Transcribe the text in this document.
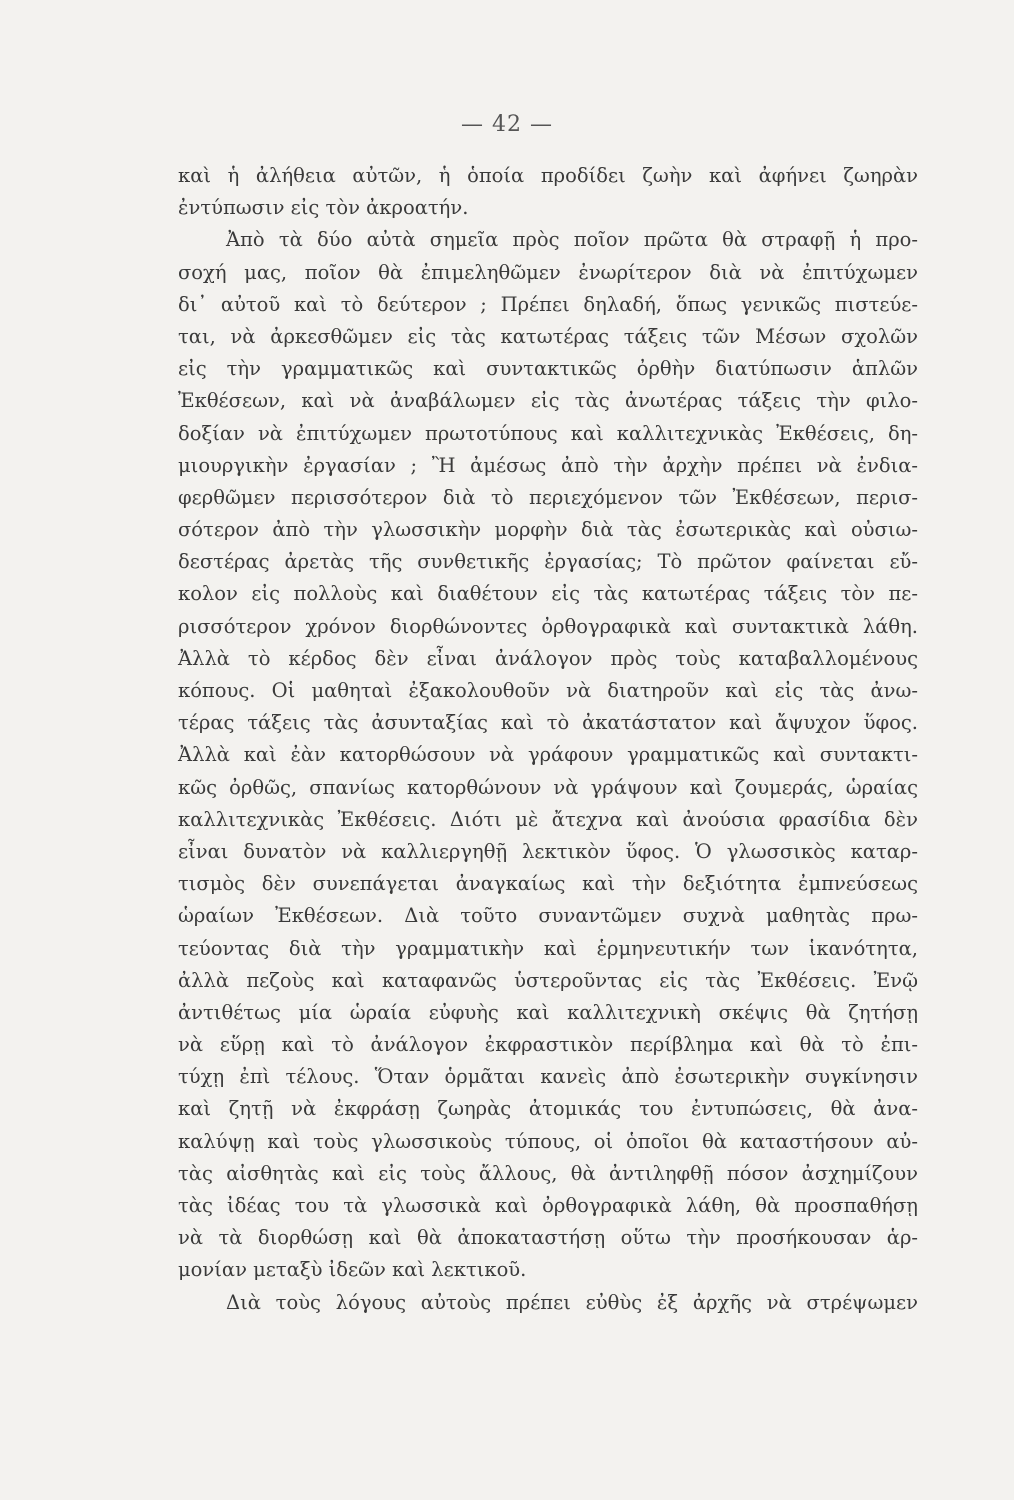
— 42 —
καὶ ἡ ἀλήθεια αὐτῶν, ἡ ὁποία προδίδει ζωὴν καὶ ἀφήνει ζωηρὰν
ἐντύπωσιν εἰς τὸν ἀκροατήν.
Ἀπὸ τὰ δύο αὐτὰ σημεῖα πρὸς ποῖον πρῶτα θὰ στραφῇ ἡ προ-
σοχή μας, ποῖον θὰ ἐπιμεληθῶμεν ἐνωρίτερον διὰ νὰ ἐπιτύχωμεν
δι᾽ αὐτοῦ καὶ τὸ δεύτερον ; Πρέπει δηλαδή, ὅπως γενικῶς πιστεύε-
ται, νὰ ἀρκεσθῶμεν εἰς τὰς κατωτέρας τάξεις τῶν Μέσων σχολῶν
εἰς τὴν γραμματικῶς καὶ συντακτικῶς ὀρθὴν διατύπωσιν ἁπλῶν
Ἐκθέσεων, καὶ νὰ ἀναβάλωμεν εἰς τὰς ἀνωτέρας τάξεις τὴν φιλο-
δοξίαν νὰ ἐπιτύχωμεν πρωτοτύπους καὶ καλλιτεχνικὰς Ἐκθέσεις, δη-
μιουργικὴν ἐργασίαν ; Ἢ ἀμέσως ἀπὸ τὴν ἀρχὴν πρέπει νὰ ἐνδια-
φερθῶμεν περισσότερον διὰ τὸ περιεχόμενον τῶν Ἐκθέσεων, περισ-
σότερον ἀπὸ τὴν γλωσσικὴν μορφὴν διὰ τὰς ἐσωτερικὰς καὶ οὐσιω-
δεστέρας ἀρετὰς τῆς συνθετικῆς ἐργασίας; Τὸ πρῶτον φαίνεται εὔ-
κολον εἰς πολλοὺς καὶ διαθέτουν εἰς τὰς κατωτέρας τάξεις τὸν πε-
ρισσότερον χρόνον διορθώνοντες ὀρθογραφικὰ καὶ συντακτικὰ λάθη.
Ἀλλὰ τὸ κέρδος δὲν εἶναι ἀνάλογον πρὸς τοὺς καταβαλλομένους
κόπους. Οἱ μαθηταὶ ἐξακολουθοῦν νὰ διατηροῦν καὶ εἰς τὰς ἀνω-
τέρας τάξεις τὰς ἀσυνταξίας καὶ τὸ ἀκατάστατον καὶ ἄψυχον ὕφος.
Ἀλλὰ καὶ ἐὰν κατορθώσουν νὰ γράφουν γραμματικῶς καὶ συντακτι-
κῶς ὀρθῶς, σπανίως κατορθώνουν νὰ γράψουν καὶ ζουμεράς, ὡραίας
καλλιτεχνικὰς Ἐκθέσεις. Διότι μὲ ἄτεχνα καὶ ἀνούσια φρασίδια δὲν
εἶναι δυνατὸν νὰ καλλιεργηθῇ λεκτικὸν ὕφος. Ὁ γλωσσικὸς καταρ-
τισμὸς δὲν συνεπάγεται ἀναγκαίως καὶ τὴν δεξιότητα ἐμπνεύσεως
ὡραίων Ἐκθέσεων. Διὰ τοῦτο συναντῶμεν συχνὰ μαθητὰς πρω-
τεύοντας διὰ τὴν γραμματικὴν καὶ ἑρμηνευτικήν των ἱκανότητα,
ἀλλὰ πεζοὺς καὶ καταφανῶς ὑστεροῦντας εἰς τὰς Ἐκθέσεις. Ἐνῷ
ἀντιθέτως μία ὡραία εὐφυὴς καὶ καλλιτεχνικὴ σκέψις θὰ ζητήσῃ
νὰ εὕρῃ καὶ τὸ ἀνάλογον ἐκφραστικὸν περίβλημα καὶ θὰ τὸ ἐπι-
τύχῃ ἐπὶ τέλους. Ὅταν ὁρμᾶται κανεὶς ἀπὸ ἐσωτερικὴν συγκίνησιν
καὶ ζητῇ νὰ ἐκφράσῃ ζωηρὰς ἀτομικάς του ἐντυπώσεις, θὰ ἀνα-
καλύψῃ καὶ τοὺς γλωσσικοὺς τύπους, οἱ ὁποῖοι θὰ καταστήσουν αὐ-
τὰς αἰσθητὰς καὶ εἰς τοὺς ἄλλους, θὰ ἀντιληφθῇ πόσον ἀσχημίζουν
τὰς ἰδέας του τὰ γλωσσικὰ καὶ ὀρθογραφικὰ λάθη, θὰ προσπαθήσῃ
νὰ τὰ διορθώσῃ καὶ θὰ ἀποκαταστήσῃ οὕτω τὴν προσήκουσαν ἁρ-
μονίαν μεταξὺ ἰδεῶν καὶ λεκτικοῦ.
Διὰ τοὺς λόγους αὐτοὺς πρέπει εὐθὺς ἐξ ἀρχῆς νὰ στρέψωμεν
